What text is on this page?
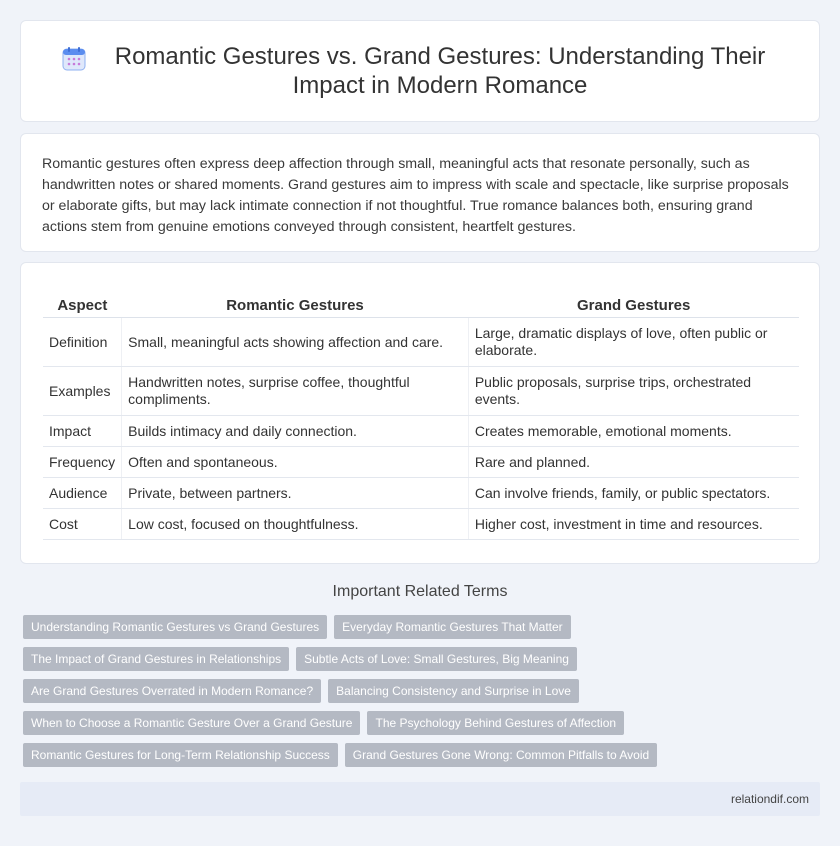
Romantic Gestures vs. Grand Gestures: Understanding Their Impact in Modern Romance

Romantic gestures often express deep affection through small, meaningful acts that resonate personally, such as handwritten notes or shared moments. Grand gestures aim to impress with scale and spectacle, like surprise proposals or elaborate gifts, but may lack intimate connection if not thoughtful. True romance balances both, ensuring grand actions stem from genuine emotions conveyed through consistent, heartfelt gestures.

Aspect	Romantic Gestures	Grand Gestures
Definition	Small, meaningful acts showing affection and care.	Large, dramatic displays of love, often public or elaborate.
Examples	Handwritten notes, surprise coffee, thoughtful compliments.	Public proposals, surprise trips, orchestrated events.
Impact	Builds intimacy and daily connection.	Creates memorable, emotional moments.
Frequency	Often and spontaneous.	Rare and planned.
Audience	Private, between partners.	Can involve friends, family, or public spectators.
Cost	Low cost, focused on thoughtfulness.	Higher cost, investment in time and resources.
Important Related Terms
Understanding Romantic Gestures vs Grand Gestures	Everyday Romantic Gestures That Matter
The Impact of Grand Gestures in Relationships	Subtle Acts of Love: Small Gestures, Big Meaning
Are Grand Gestures Overrated in Modern Romance?	Balancing Consistency and Surprise in Love
When to Choose a Romantic Gesture Over a Grand Gesture	The Psychology Behind Gestures of Affection
Romantic Gestures for Long-Term Relationship Success	Grand Gestures Gone Wrong: Common Pitfalls to Avoid
relationdif.com
